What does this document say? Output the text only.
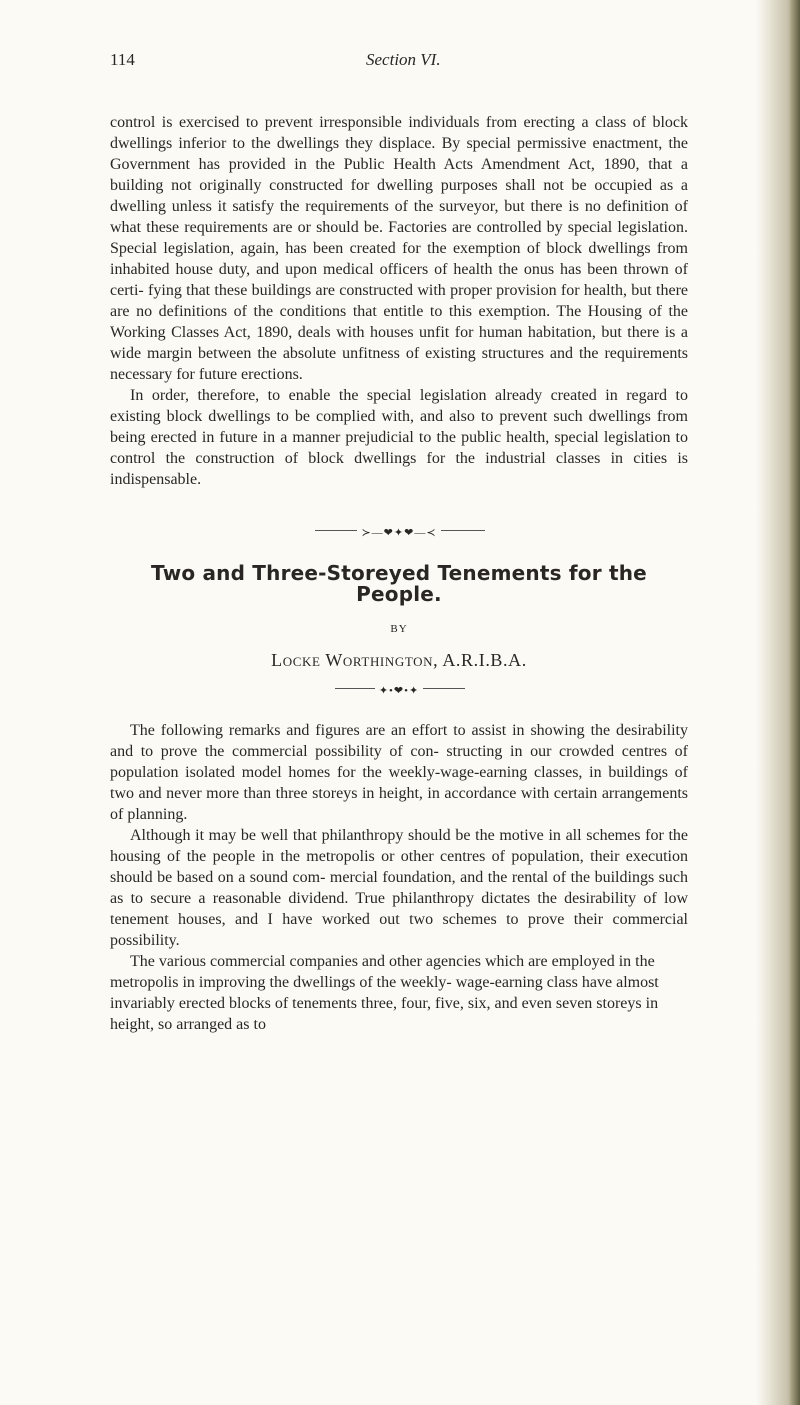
114	Section VI.

control is exercised to prevent irresponsible individuals from erecting a class of block dwellings inferior to the dwellings they displace. By special permissive enactment, the Government has provided in the Public Health Acts Amendment Act, 1890, that a building not originally constructed for dwelling purposes shall not be occupied as a dwelling unless it satisfy the requirements of the surveyor, but there is no definition of what these requirements are or should be. Factories are controlled by special legislation. Special legislation, again, has been created for the exemption of block dwellings from inhabited house duty, and upon medical officers of health the onus has been thrown of certi- fying that these buildings are constructed with proper provision for health, but there are no definitions of the conditions that entitle to this exemption. The Housing of the Working Classes Act, 1890, deals with houses unfit for human habitation, but there is a wide margin between the absolute unfitness of existing structures and the requirements necessary for future erections.

In order, therefore, to enable the special legislation already created in regard to existing block dwellings to be complied with, and also to prevent such dwellings from being erected in future in a manner prejudicial to the public health, special legislation to control the construction of block dwellings for the industrial classes in cities is indispensable.

≻—❤✦❤—≺
Two and Three-Storeyed Tenements for the People.
BY
Locke Worthington, A.R.I.B.A.
✦•❤•✦

The following remarks and figures are an effort to assist in showing the desirability and to prove the commercial possibility of con- structing in our crowded centres of population isolated model homes for the weekly-wage-earning classes, in buildings of two and never more than three storeys in height, in accordance with certain arrangements of planning.

Although it may be well that philanthropy should be the motive in all schemes for the housing of the people in the metropolis or other centres of population, their execution should be based on a sound com- mercial foundation, and the rental of the buildings such as to secure a reasonable dividend. True philanthropy dictates the desirability of low tenement houses, and I have worked out two schemes to prove their commercial possibility.

The various commercial companies and other agencies which are employed in the metropolis in improving the dwellings of the weekly- wage-earning class have almost invariably erected blocks of tenements three, four, five, six, and even seven storeys in height, so arranged as to
